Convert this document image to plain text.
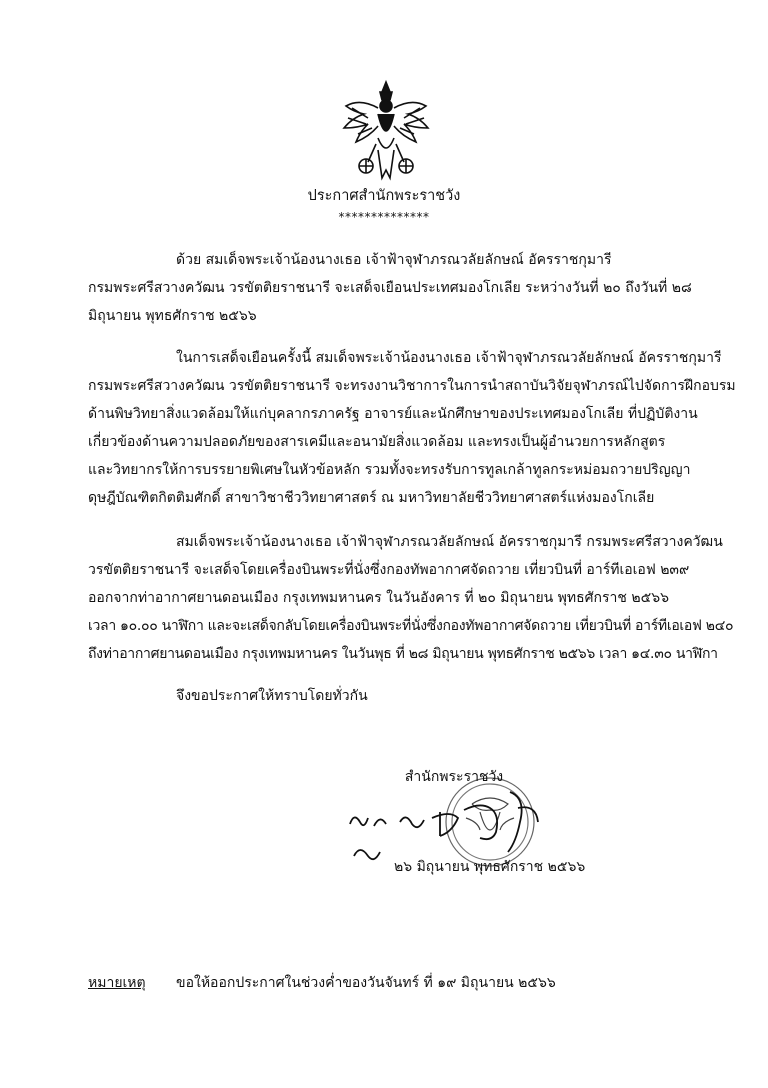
ประกาศสำนักพระราชวัง
**************
ด้วย สมเด็จพระเจ้าน้องนางเธอ เจ้าฟ้าจุฬาภรณวลัยลักษณ์ อัครราชกุมารี
กรมพระศรีสวางควัฒน วรขัตติยราชนารี จะเสด็จเยือนประเทศมองโกเลีย ระหว่างวันที่ ๒๐ ถึงวันที่ ๒๘
มิถุนายน พุทธศักราช ๒๕๖๖
ในการเสด็จเยือนครั้งนี้ สมเด็จพระเจ้าน้องนางเธอ เจ้าฟ้าจุฬาภรณวลัยลักษณ์ อัครราชกุมารี
กรมพระศรีสวางควัฒน วรขัตติยราชนารี จะทรงงานวิชาการในการนำสถาบันวิจัยจุฬาภรณ์ไปจัดการฝึกอบรม
ด้านพิษวิทยาสิ่งแวดล้อมให้แก่บุคลากรภาครัฐ อาจารย์และนักศึกษาของประเทศมองโกเลีย ที่ปฏิบัติงาน
เกี่ยวข้องด้านความปลอดภัยของสารเคมีและอนามัยสิ่งแวดล้อม และทรงเป็นผู้อำนวยการหลักสูตร
และวิทยากรให้การบรรยายพิเศษในหัวข้อหลัก รวมทั้งจะทรงรับการทูลเกล้าทูลกระหม่อมถวายปริญญา
ดุษฎีบัณฑิตกิตติมศักดิ์ สาขาวิชาชีววิทยาศาสตร์ ณ มหาวิทยาลัยชีววิทยาศาสตร์แห่งมองโกเลีย
สมเด็จพระเจ้าน้องนางเธอ เจ้าฟ้าจุฬาภรณวลัยลักษณ์ อัครราชกุมารี กรมพระศรีสวางควัฒน
วรขัตติยราชนารี จะเสด็จโดยเครื่องบินพระที่นั่งซึ่งกองทัพอากาศจัดถวาย เที่ยวบินที่ อาร์ทีเอเอฟ ๒๓๙
ออกจากท่าอากาศยานดอนเมือง กรุงเทพมหานคร ในวันอังคาร ที่ ๒๐ มิถุนายน พุทธศักราช ๒๕๖๖
เวลา ๑๐.๐๐ นาฬิกา และจะเสด็จกลับโดยเครื่องบินพระที่นั่งซึ่งกองทัพอากาศจัดถวาย เที่ยวบินที่ อาร์ทีเอเอฟ ๒๔๐
ถึงท่าอากาศยานดอนเมือง กรุงเทพมหานคร ในวันพุธ ที่ ๒๘ มิถุนายน พุทธศักราช ๒๕๖๖ เวลา ๑๔.๓๐ นาฬิกา
จึงขอประกาศให้ทราบโดยทั่วกัน
สำนักพระราชวัง
๒๖ มิถุนายน พุทธศักราช ๒๕๖๖
หมายเหตุ ขอให้ออกประกาศในช่วงค่ำของวันจันทร์ ที่ ๑๙ มิถุนายน ๒๕๖๖
